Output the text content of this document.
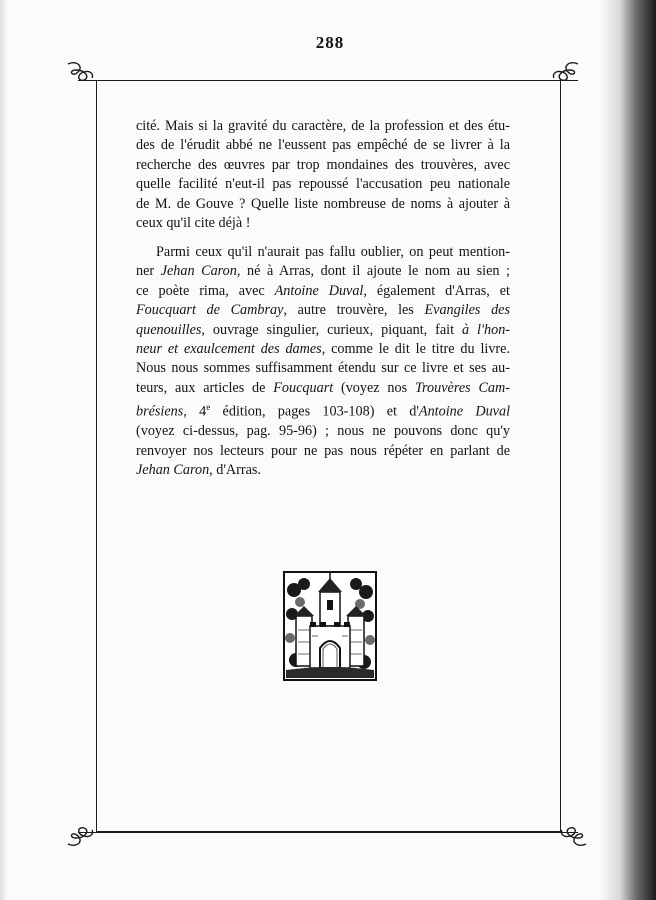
288
cité. Mais si la gravité du caractère, de la profession et des étu-
des de l'érudit abbé ne l'eussent pas empêché de se livrer à la
recherche des œuvres par trop mondaines des trouvères, avec
quelle facilité n'eut-il pas repoussé l'accusation peu nationale
de M. de Gouve ? Quelle liste nombreuse de noms à ajouter à
ceux qu'il cite déjà !
Parmi ceux qu'il n'aurait pas fallu oublier, on peut mention-
ner Jehan Caron, né à Arras, dont il ajoute le nom au sien ;
ce poète rima, avec Antoine Duval, également d'Arras, et
Foucquart de Cambray, autre trouvère, les Evangiles des
quenouilles, ouvrage singulier, curieux, piquant, fait à l'hon-
neur et exaulcement des dames, comme le dit le titre du livre.
Nous nous sommes suffisamment étendu sur ce livre et ses au-
teurs, aux articles de Foucquart (voyez nos Trouvères Cam-
brésiens, 4e édition, pages 103-108) et d'Antoine Duval
(voyez ci-dessus, pag. 95-96) ; nous ne pouvons donc qu'y
renvoyer nos lecteurs pour ne pas nous répéter en parlant de
Jehan Caron, d'Arras.
